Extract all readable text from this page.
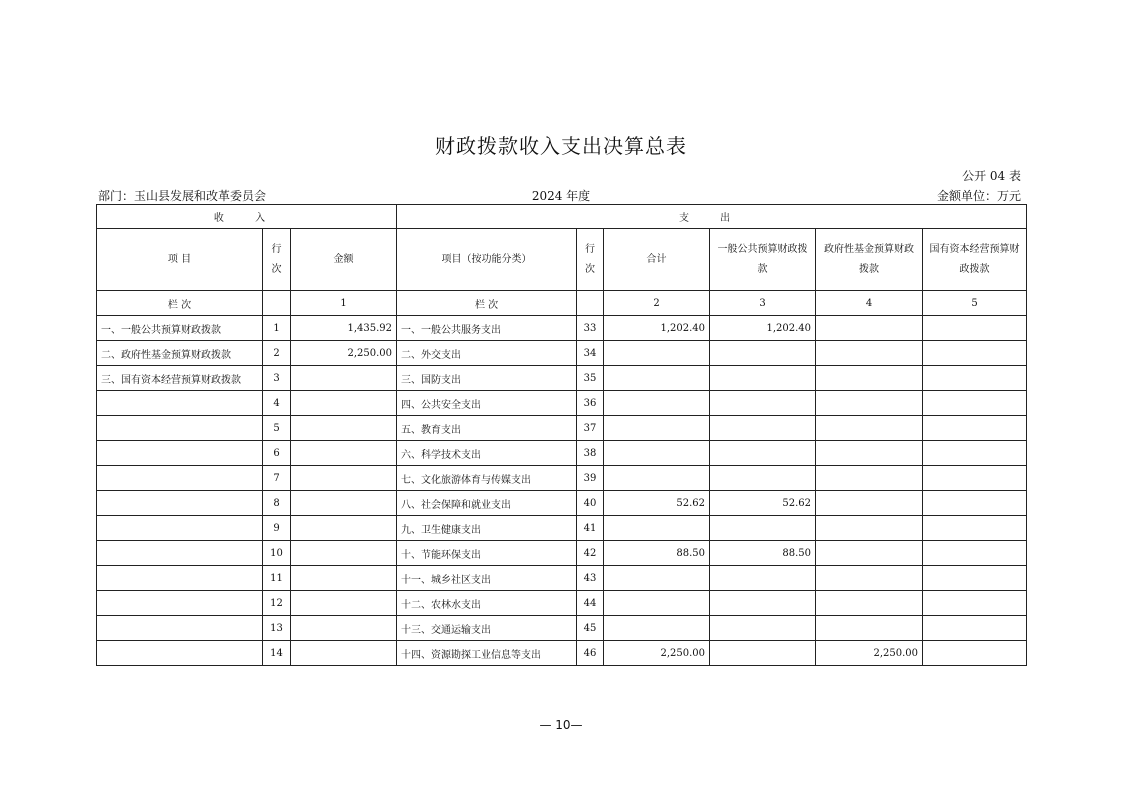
财政拨款收入支出决算总表
公开 04 表
部门：玉山县发展和改革委员会	2024 年度	金额单位：万元
收 入			支 出					
项 目	行次	金额	项目（按功能分类）	行次	合计	一般公共预算财政拨款	政府性基金预算财政拨款	国有资本经营预算财政拨款
栏 次		1	栏 次		2	3	4	5
一、一般公共预算财政拨款	1	1,435.92	一、一般公共服务支出	33	1,202.40	1,202.40		
二、政府性基金预算财政拨款	2	2,250.00	二、外交支出	34				
三、国有资本经营预算财政拨款	3		三、国防支出	35				
	4		四、公共安全支出	36				
	5		五、教育支出	37				
	6		六、科学技术支出	38				
	7		七、文化旅游体育与传媒支出	39				
	8		八、社会保障和就业支出	40	52.62	52.62		
	9		九、卫生健康支出	41				
	10		十、节能环保支出	42	88.50	88.50		
	11		十一、城乡社区支出	43				
	12		十二、农林水支出	44				
	13		十三、交通运输支出	45				
	14		十四、资源勘探工业信息等支出	46	2,250.00		2,250.00	
— 10—
